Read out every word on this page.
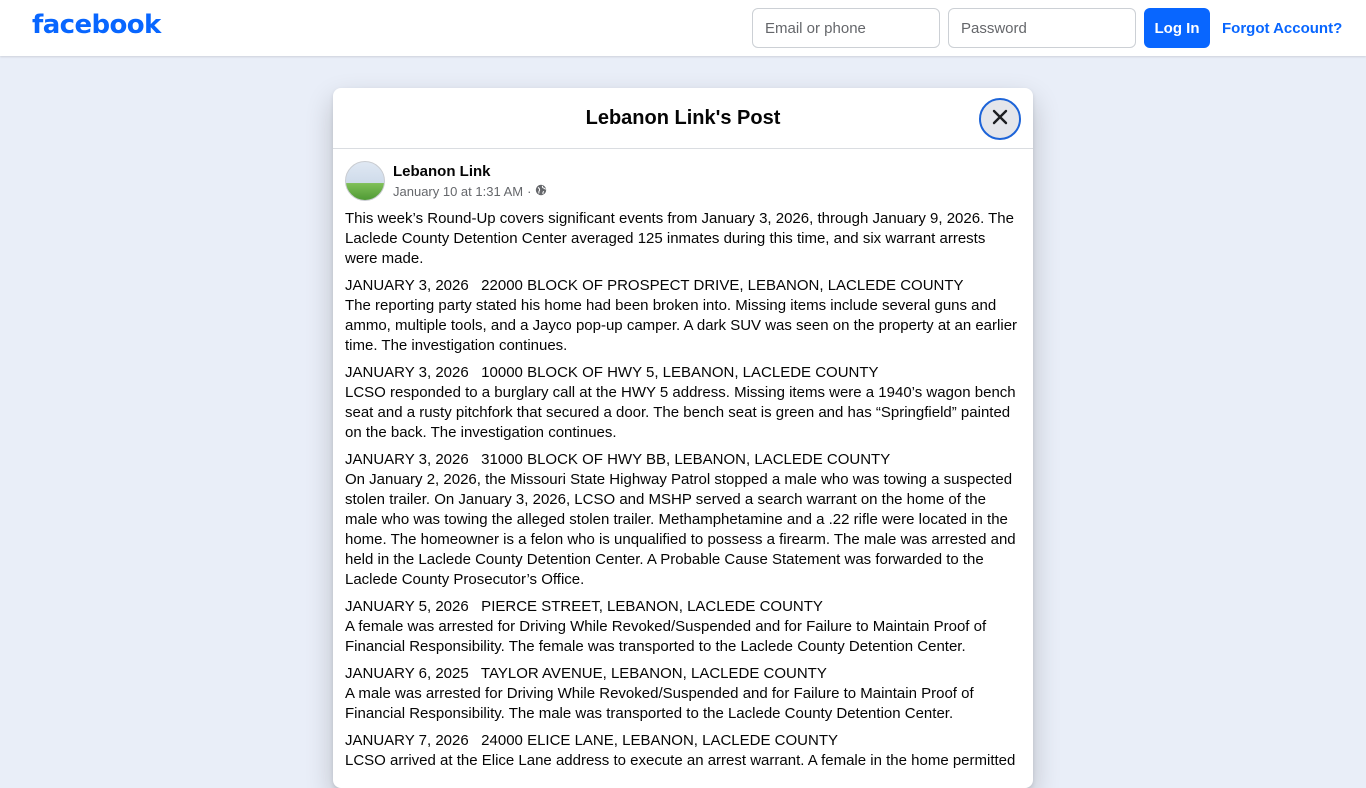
facebook
Email or phone	Log In	Forgot Account?
Lebanon Link's Post
Lebanon Link
January 10 at 1:31 AM ·
This week’s Round-Up covers significant events from January 3, 2026, through January 9, 2026. The Laclede County Detention Center averaged 125 inmates during this time, and six warrant arrests were made.
JANUARY 3, 2026   22000 BLOCK OF PROSPECT DRIVE, LEBANON, LACLEDE COUNTY
The reporting party stated his home had been broken into. Missing items include several guns and ammo, multiple tools, and a Jayco pop-up camper. A dark SUV was seen on the property at an earlier time. The investigation continues.
JANUARY 3, 2026   10000 BLOCK OF HWY 5, LEBANON, LACLEDE COUNTY
LCSO responded to a burglary call at the HWY 5 address. Missing items were a 1940’s wagon bench seat and a rusty pitchfork that secured a door. The bench seat is green and has “Springfield” painted on the back. The investigation continues.
JANUARY 3, 2026   31000 BLOCK OF HWY BB, LEBANON, LACLEDE COUNTY
On January 2, 2026, the Missouri State Highway Patrol stopped a male who was towing a suspected stolen trailer. On January 3, 2026, LCSO and MSHP served a search warrant on the home of the male who was towing the alleged stolen trailer. Methamphetamine and a .22 rifle were located in the home. The homeowner is a felon who is unqualified to possess a firearm. The male was arrested and held in the Laclede County Detention Center. A Probable Cause Statement was forwarded to the Laclede County Prosecutor’s Office.
JANUARY 5, 2026   PIERCE STREET, LEBANON, LACLEDE COUNTY
A female was arrested for Driving While Revoked/Suspended and for Failure to Maintain Proof of Financial Responsibility. The female was transported to the Laclede County Detention Center.
JANUARY 6, 2025   TAYLOR AVENUE, LEBANON, LACLEDE COUNTY
A male was arrested for Driving While Revoked/Suspended and for Failure to Maintain Proof of Financial Responsibility. The male was transported to the Laclede County Detention Center.
JANUARY 7, 2026   24000 ELICE LANE, LEBANON, LACLEDE COUNTY
LCSO arrived at the Elice Lane address to execute an arrest warrant. A female in the home permitted
